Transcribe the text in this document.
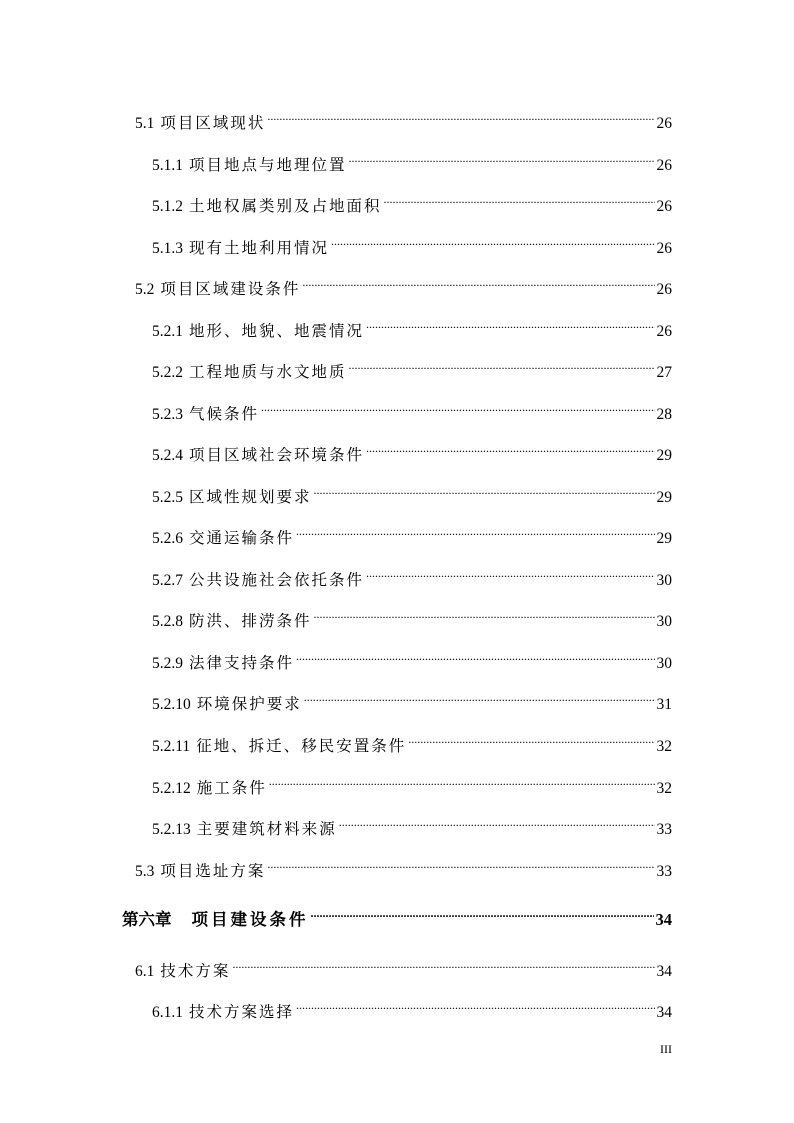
5.1 项目区域现状 .....	26
5.1.1 项目地点与地理位置 .....	26
5.1.2 土地权属类别及占地面积 .....	26
5.1.3 现有土地利用情况 .....	26
5.2 项目区域建设条件 .....	26
5.2.1 地形、地貌、地震情况 .....	26
5.2.2 工程地质与水文地质 .....	27
5.2.3 气候条件 .....	28
5.2.4 项目区域社会环境条件 .....	29
5.2.5 区域性规划要求 .....	29
5.2.6 交通运输条件 .....	29
5.2.7 公共设施社会依托条件 .....	30
5.2.8 防洪、排涝条件 .....	30
5.2.9 法律支持条件 .....	30
5.2.10 环境保护要求 .....	31
5.2.11 征地、拆迁、移民安置条件 .....	32
5.2.12 施工条件 .....	32
5.2.13 主要建筑材料来源 .....	33
5.3 项目选址方案 .....	33
第六章 项目建设条件 .....	34
6.1 技术方案 .....	34
6.1.1 技术方案选择 .....	34
III
